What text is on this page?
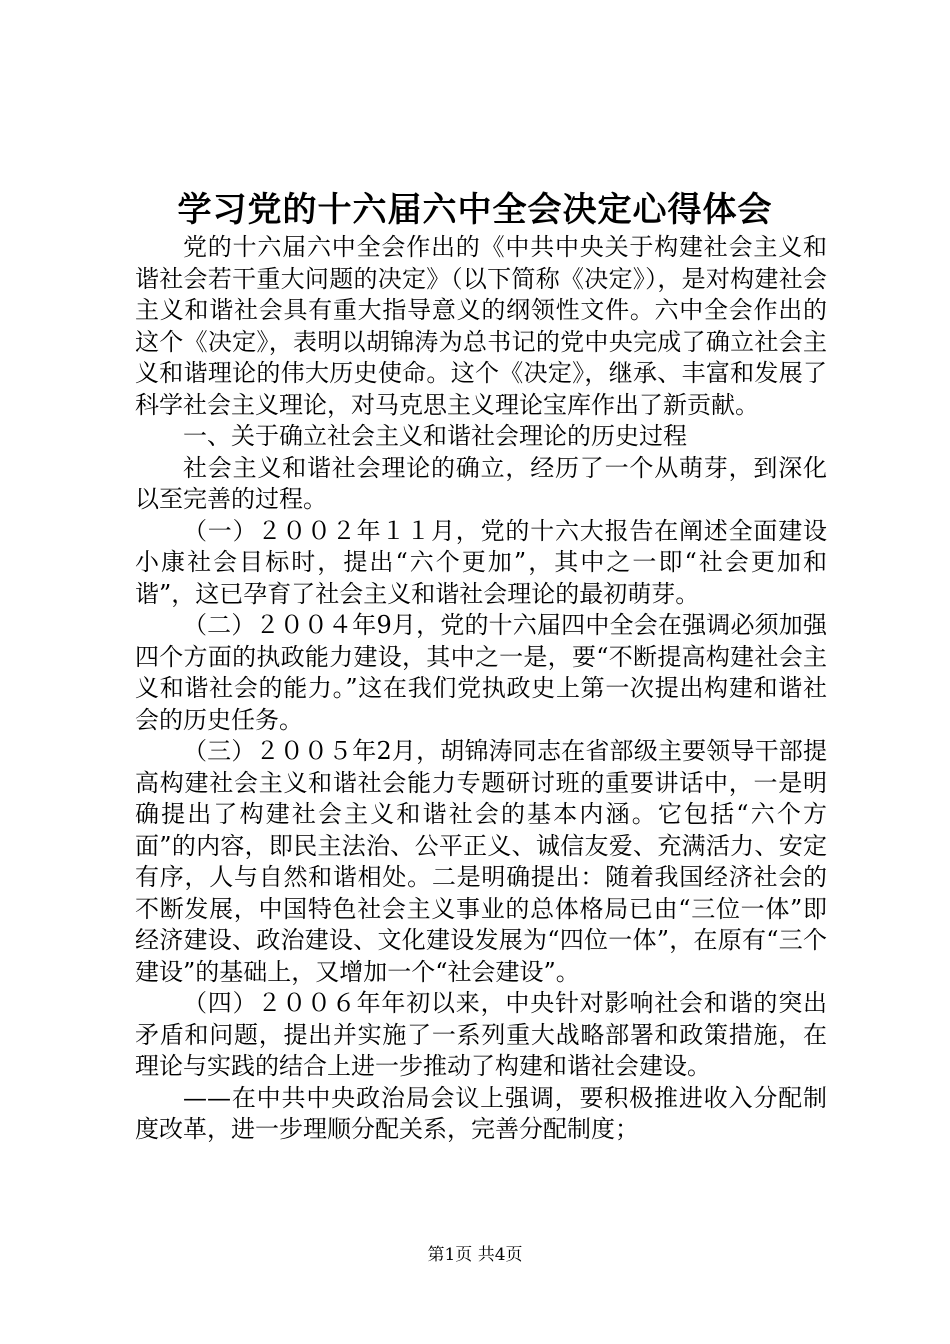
学习党的十六届六中全会决定心得体会

党的十六届六中全会作出的《中共中央关于构建社会主义和谐社会若干重大问题的决定》（以下简称《决定》），是对构建社会主义和谐社会具有重大指导意义的纲领性文件。六中全会作出的这个《决定》，表明以胡锦涛为总书记的党中央完成了确立社会主义和谐理论的伟大历史使命。这个《决定》，继承、丰富和发展了科学社会主义理论，对马克思主义理论宝库作出了新贡献。

一、关于确立社会主义和谐社会理论的历史过程

社会主义和谐社会理论的确立，经历了一个从萌芽，到深化以至完善的过程。

（一）２００２年１１月，党的十六大报告在阐述全面建设小康社会目标时，提出“六个更加”，其中之一即“社会更加和谐”，这已孕育了社会主义和谐社会理论的最初萌芽。

（二）２００４年9月，党的十六届四中全会在强调必须加强四个方面的执政能力建设，其中之一是，要“不断提高构建社会主义和谐社会的能力。”这在我们党执政史上第一次提出构建和谐社会的历史任务。

（三）２００５年2月，胡锦涛同志在省部级主要领导干部提高构建社会主义和谐社会能力专题研讨班的重要讲话中，一是明确提出了构建社会主义和谐社会的基本内涵。它包括“六个方面”的内容，即民主法治、公平正义、诚信友爱、充满活力、安定有序，人与自然和谐相处。二是明确提出：随着我国经济社会的不断发展，中国特色社会主义事业的总体格局已由“三位一体”即经济建设、政治建设、文化建设发展为“四位一体”，在原有“三个建设”的基础上，又增加一个“社会建设”。

（四）２００６年年初以来，中央针对影响社会和谐的突出矛盾和问题，提出并实施了一系列重大战略部署和政策措施，在理论与实践的结合上进一步推动了构建和谐社会建设。

——在中共中央政治局会议上强调，要积极推进收入分配制度改革，进一步理顺分配关系，完善分配制度；

第1页 共4页
